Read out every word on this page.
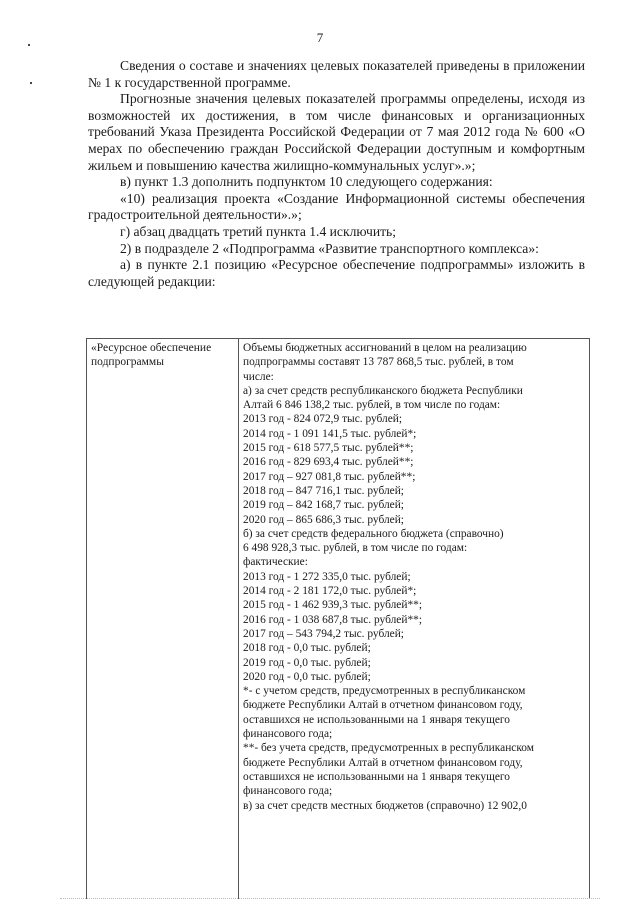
7

Сведения о составе и значениях целевых показателей приведены в приложении № 1 к государственной программе.

Прогнозные значения целевых показателей программы определены, исходя из возможностей их достижения, в том числе финансовых и организационных требований Указа Президента Российской Федерации от 7 мая 2012 года № 600 «О мерах по обеспечению граждан Российской Федерации доступным и комфортным жильем и повышению качества жилищно-коммунальных услуг».»;

в) пункт 1.3 дополнить подпунктом 10 следующего содержания:

«10) реализация проекта «Создание Информационной системы обеспечения градостроительной деятельности».»;

г) абзац двадцать третий пункта 1.4 исключить;

2) в подразделе 2 «Подпрограмма «Развитие транспортного комплекса»:

а) в пункте 2.1 позицию «Ресурсное обеспечение подпрограммы» изложить в следующей редакции:

«Ресурсное обеспечение подпрограммы
Объемы бюджетных ассигнований в целом на реализацию
подпрограммы составят 13 787 868,5 тыс. рублей, в том
числе:
а) за счет средств республиканского бюджета Республики
Алтай 6 846 138,2 тыс. рублей, в том числе по годам:
2013 год - 824 072,9 тыс. рублей;
2014 год - 1 091 141,5 тыс. рублей*;
2015 год - 618 577,5 тыс. рублей**;
2016 год - 829 693,4 тыс. рублей**;
2017 год – 927 081,8 тыс. рублей**;
2018 год – 847 716,1 тыс. рублей;
2019 год – 842 168,7 тыс. рублей;
2020 год – 865 686,3 тыс. рублей;
б) за счет средств федерального бюджета (справочно)
6 498 928,3 тыс. рублей, в том числе по годам:
фактические:
2013 год - 1 272 335,0 тыс. рублей;
2014 год - 2 181 172,0 тыс. рублей*;
2015 год - 1 462 939,3 тыс. рублей**;
2016 год - 1 038 687,8 тыс. рублей**;
2017 год – 543 794,2 тыс. рублей;
2018 год - 0,0 тыс. рублей;
2019 год - 0,0 тыс. рублей;
2020 год - 0,0 тыс. рублей;
*- с учетом средств, предусмотренных в республиканском
бюджете Республики Алтай в отчетном финансовом году,
оставшихся не использованными на 1 января текущего
финансового года;
**- без учета средств, предусмотренных в республиканском
бюджете Республики Алтай в отчетном финансовом году,
оставшихся не использованными на 1 января текущего
финансового года;
в) за счет средств местных бюджетов (справочно) 12 902,0
